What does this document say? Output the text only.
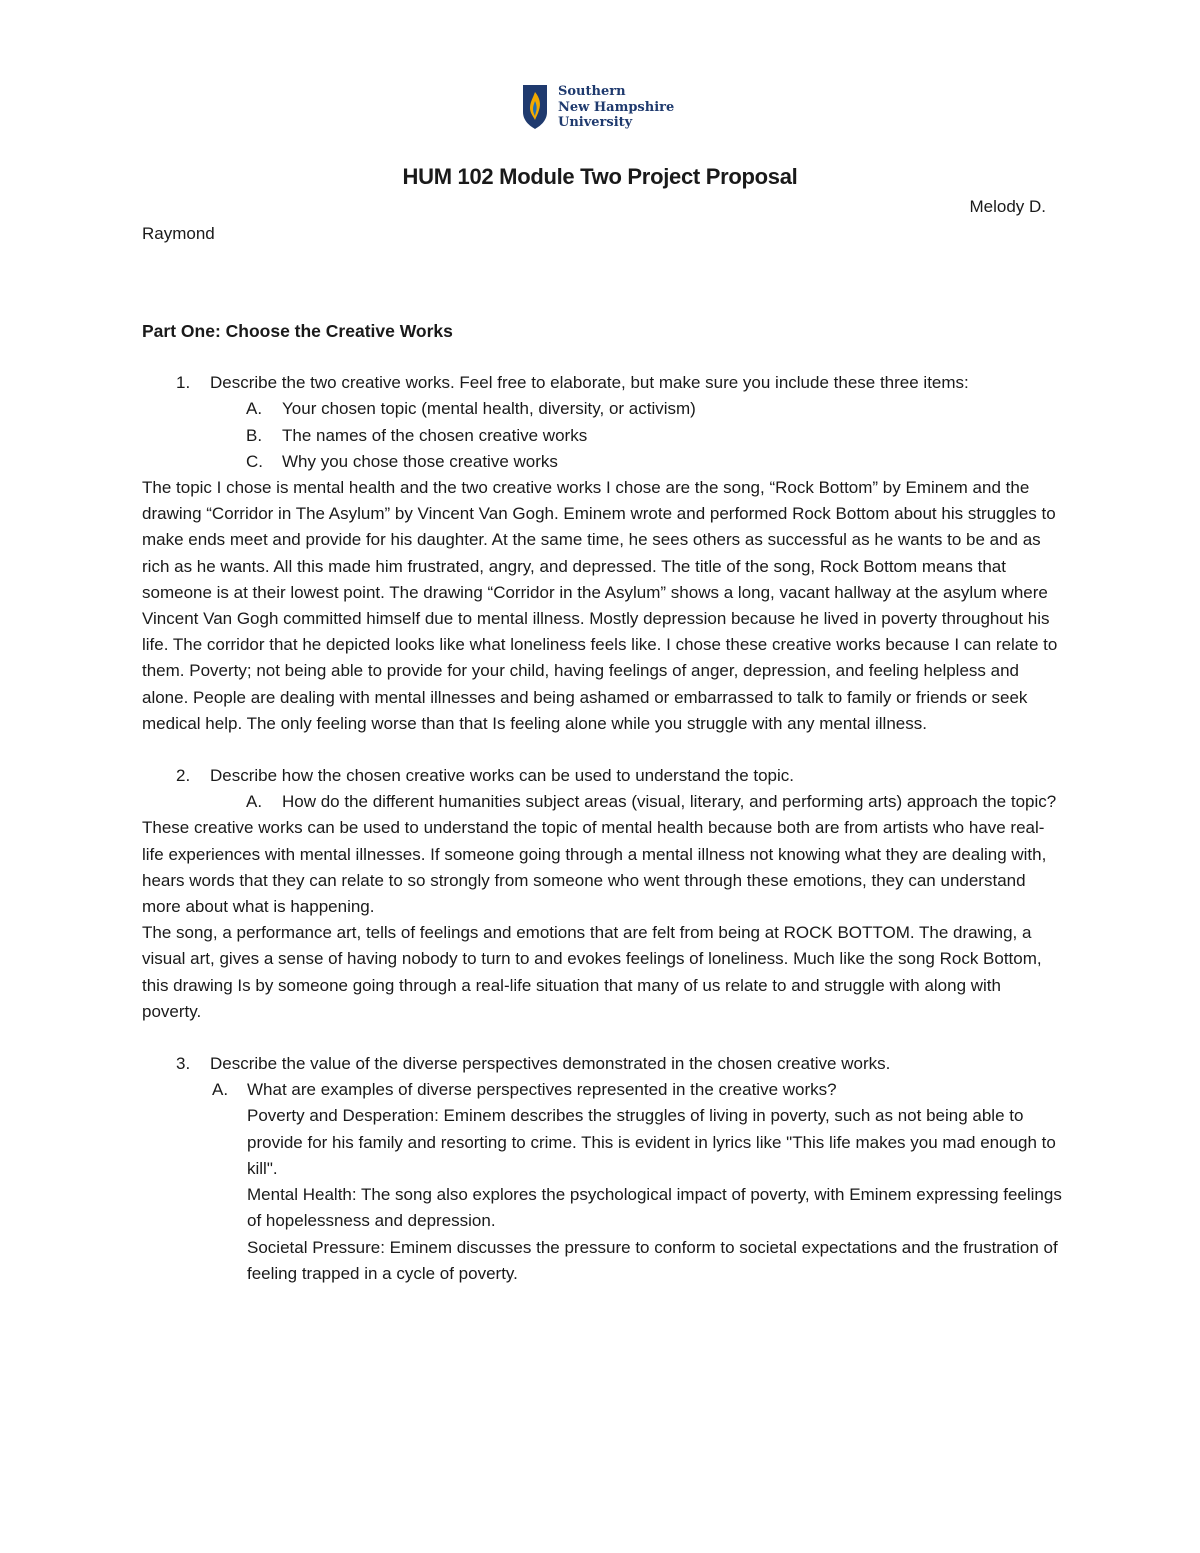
Southern
New Hampshire
University
HUM 102 Module Two Project Proposal
Melody D.
Raymond

Part One: Choose the Creative Works

1. Describe the two creative works. Feel free to elaborate, but make sure you include these three items:
A. Your chosen topic (mental health, diversity, or activism)
B. The names of the chosen creative works
C. Why you chose those creative works

The topic I chose is mental health and the two creative works I chose are the song, “Rock Bottom” by Eminem and the drawing “Corridor in The Asylum” by Vincent Van Gogh. Eminem wrote and performed Rock Bottom about his struggles to make ends meet and provide for his daughter. At the same time, he sees others as successful as he wants to be and as rich as he wants. All this made him frustrated, angry, and depressed. The title of the song, Rock Bottom means that someone is at their lowest point. The drawing “Corridor in the Asylum” shows a long, vacant hallway at the asylum where Vincent Van Gogh committed himself due to mental illness. Mostly depression because he lived in poverty throughout his life. The corridor that he depicted looks like what loneliness feels like. I chose these creative works because I can relate to them. Poverty; not being able to provide for your child, having feelings of anger, depression, and feeling helpless and alone. People are dealing with mental illnesses and being ashamed or embarrassed to talk to family or friends or seek medical help. The only feeling worse than that Is feeling alone while you struggle with any mental illness.

2. Describe how the chosen creative works can be used to understand the topic.
A. How do the different humanities subject areas (visual, literary, and performing arts) approach the topic?

These creative works can be used to understand the topic of mental health because both are from artists who have real-life experiences with mental illnesses. If someone going through a mental illness not knowing what they are dealing with, hears words that they can relate to so strongly from someone who went through these emotions, they can understand more about what is happening.

The song, a performance art, tells of feelings and emotions that are felt from being at ROCK BOTTOM. The drawing, a visual art, gives a sense of having nobody to turn to and evokes feelings of loneliness. Much like the song Rock Bottom, this drawing Is by someone going through a real-life situation that many of us relate to and struggle with along with poverty.

3. Describe the value of the diverse perspectives demonstrated in the chosen creative works.
A. What are examples of diverse perspectives represented in the creative works?

Poverty and Desperation: Eminem describes the struggles of living in poverty, such as not being able to provide for his family and resorting to crime. This is evident in lyrics like "This life makes you mad enough to kill".

Mental Health: The song also explores the psychological impact of poverty, with Eminem expressing feelings of hopelessness and depression.

Societal Pressure: Eminem discusses the pressure to conform to societal expectations and the frustration of feeling trapped in a cycle of poverty.
